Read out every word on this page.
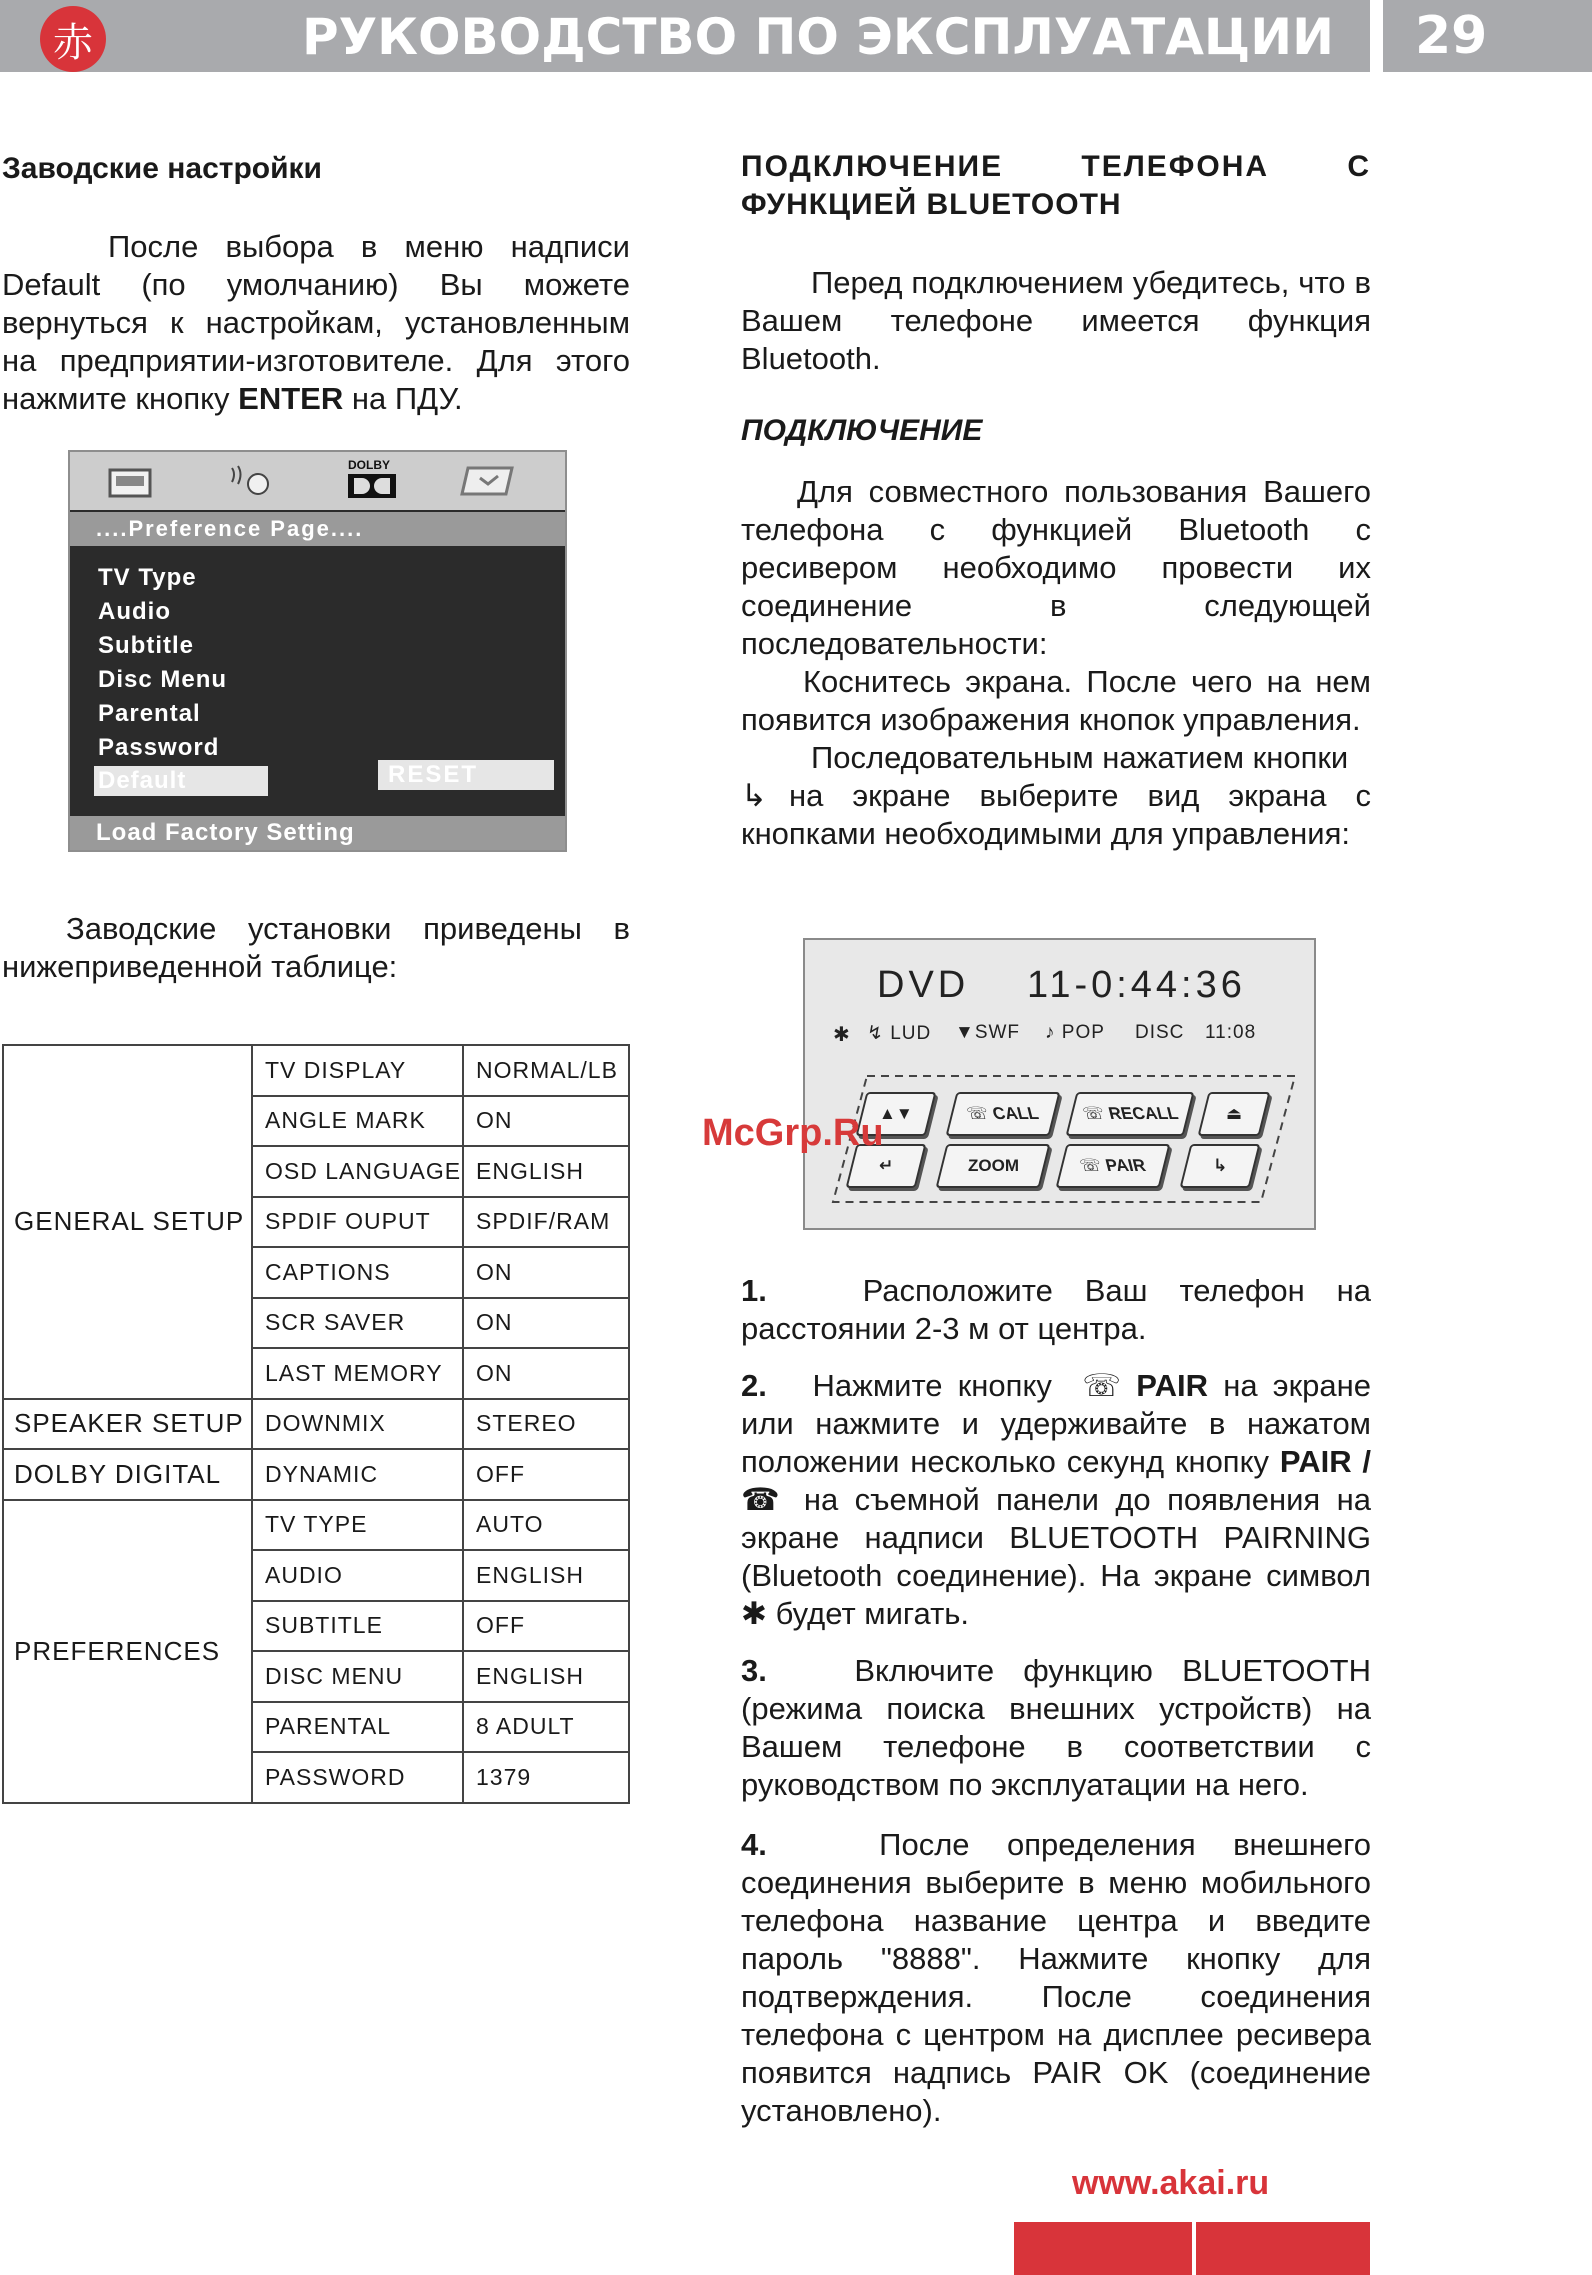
赤	РУКОВОДСТВО ПО ЭКСПЛУАТАЦИИ	29
Заводские настройки

После выбора в меню надписи Default (по умолчанию) Вы можете вернуться к настройкам, установленным на предприятии-изготовителе. Для этого нажмите кнопку ENTER на ПДУ.

DOLBY
....Preference Page....
TV Type
Audio
Subtitle
Disc Menu
Parental
Password
Default	RESET
Load Factory Setting

Заводские установки приведены в нижеприведенной таблице:

GENERAL SETUP	TV DISPLAY	NORMAL/LB
	ANGLE MARK	ON
	OSD LANGUAGE	ENGLISH
	SPDIF OUPUT	SPDIF/RAM
	CAPTIONS	ON
	SCR SAVER	ON
	LAST MEMORY	ON
SPEAKER SETUP	DOWNMIX	STEREO
DOLBY DIGITAL	DYNAMIC	OFF
PREFERENCES	TV TYPE	AUTO
	AUDIO	ENGLISH
	SUBTITLE	OFF
	DISC MENU	ENGLISH
	PARENTAL	8 ADULT
	PASSWORD	1379
ПОДКЛЮЧЕНИЕ	ТЕЛЕФОНА	С
ФУНКЦИЕЙ BLUETOOTH

Перед подключением убедитесь, что в Вашем телефоне имеется функция Bluetooth.

ПОДКЛЮЧЕНИЕ

Для совместного пользования Вашего телефона с функцией Bluetooth с ресивером необходимо провести их соединение в следующей последовательности:

Коснитесь экрана. После чего на нем появится изображения кнопок управления.

Последовательным нажатием кнопки

↳ на экране выберите вид экрана с кнопками необходимыми для управления:

DVD 11-0:44:36
✱ ↯ LUD ▼SWF ♪ POP DISC 11:08
▲▼	☏ CALL ☏ RECALL	⏏
↵	ZOOM	☏ PAIR	↳

1.	Расположите Ваш телефон на расстоянии 2-3 м от центра.

2. Нажмите кнопку ☏ PAIR на экране или нажмите и удерживайте в нажатом положении несколько секунд кнопку PAIR /☎ на съемной панели до появления на экране надписи BLUETOOTH PAIRNING (Bluetooth соединение). На экране символ ✱ будет мигать.

3.	Включите функцию BLUETOOTH (режима поиска внешних устройств) на Вашем телефоне в соответствии с руководством по эксплуатации на него.

4.	После определения внешнего соединения выберите в меню мобильного телефона название центра и введите пароль "8888". Нажмите кнопку для подтверждения. После соединения телефона с центром на дисплее ресивера появится надпись PAIR OK (соединение установлено).

McGrp.Ru
www.akai.ru
